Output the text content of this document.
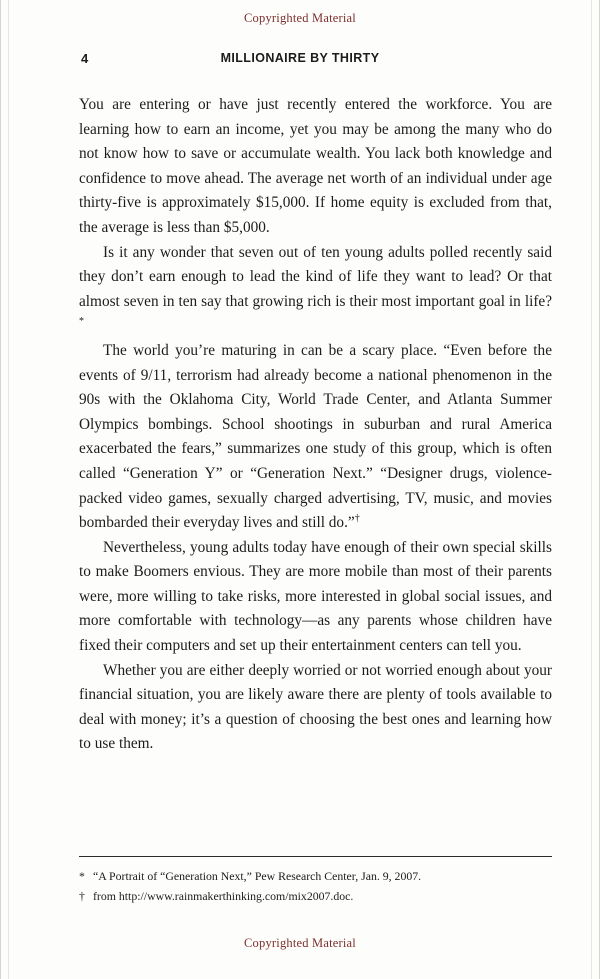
Copyrighted Material
4	MILLIONAIRE BY THIRTY

You are entering or have just recently entered the workforce. You are learning how to earn an income, yet you may be among the many who do not know how to save or accumulate wealth. You lack both knowledge and confidence to move ahead. The average net worth of an individual under age thirty-five is approximately $15,000. If home equity is excluded from that, the average is less than $5,000.

Is it any wonder that seven out of ten young adults polled recently said they don’t earn enough to lead the kind of life they want to lead? Or that almost seven in ten say that growing rich is their most important goal in life?*

The world you’re maturing in can be a scary place. “Even before the events of 9/11, terrorism had already become a national phenomenon in the 90s with the Oklahoma City, World Trade Center, and Atlanta Summer Olympics bombings. School shootings in suburban and rural America exacerbated the fears,” summarizes one study of this group, which is often called “Generation Y” or “Generation Next.” “Designer drugs, violence-packed video games, sexually charged advertising, TV, music, and movies bombarded their everyday lives and still do.”†

Nevertheless, young adults today have enough of their own special skills to make Boomers envious. They are more mobile than most of their parents were, more willing to take risks, more interested in global social issues, and more comfortable with technology—as any parents whose children have fixed their computers and set up their entertainment centers can tell you.

Whether you are either deeply worried or not worried enough about your financial situation, you are likely aware there are plenty of tools available to deal with money; it’s a question of choosing the best ones and learning how to use them.

* “A Portrait of “Generation Next,” Pew Research Center, Jan. 9, 2007.
† from http://www.rainmakerthinking.com/mix2007.doc.
Copyrighted Material
